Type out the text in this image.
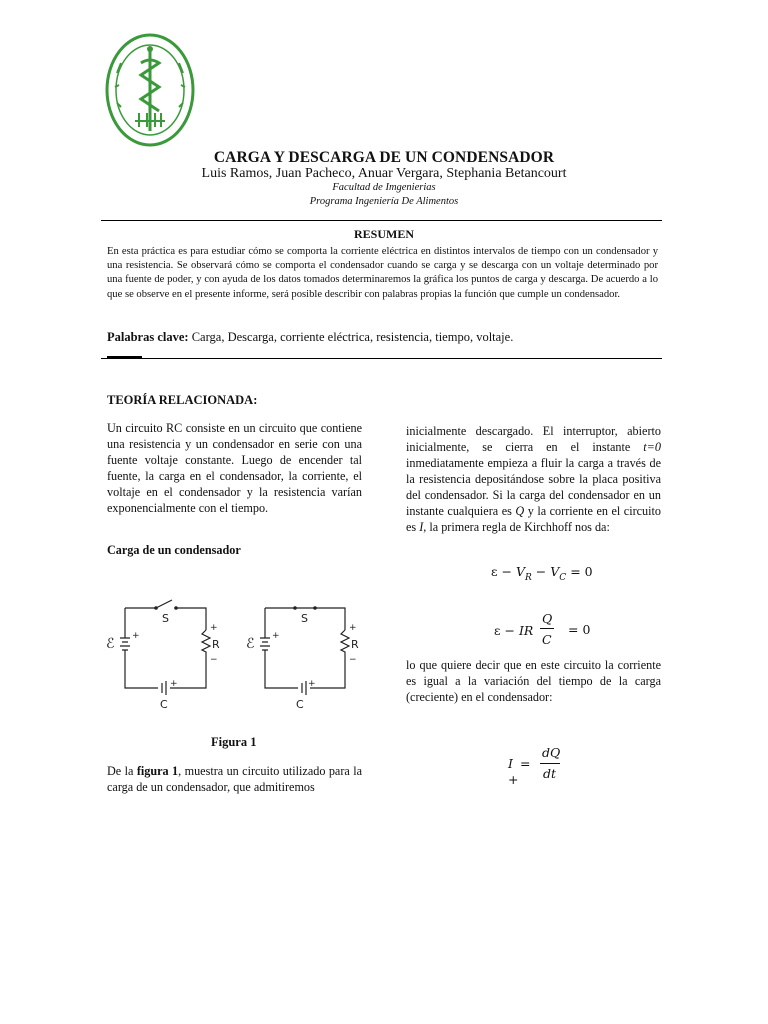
CARGA Y DESCARGA DE UN CONDENSADOR
Luis Ramos, Juan Pacheco, Anuar Vergara, Stephania Betancourt
Facultad de Imgenierias
Programa Ingeniería De Alimentos
RESUMEN
En esta práctica es para estudiar cómo se comporta la corriente eléctrica en distintos intervalos de tiempo con un condensador y una resistencia. Se observará cómo se comporta el condensador cuando se carga y se descarga con un voltaje determinado por una fuente de poder, y con ayuda de los datos tomados determinaremos la gráfica los puntos de carga y descarga. De acuerdo a lo que se observe en el presente informe, será posible describir con palabras propias la función que cumple un condensador.
Palabras clave: Carga, Descarga, corriente eléctrica, resistencia, tiempo, voltaje.
TEORÍA RELACIONADA:
Un circuito RC consiste en un circuito que contiene una resistencia y un condensador en serie con una fuente voltaje constante. Luego de encender tal fuente, la carga en el condensador, la corriente, el voltaje en el condensador y la resistencia varían exponencialmente con el tiempo.
Carga de un condensador
S	S
ℰ	ℰ
R	R
C	C
+	+
+	+
−	−
+	+
Figura 1
De la figura 1, muestra un circuito utilizado para la carga de un condensador, que admitiremos
inicialmente descargado. El interruptor, abierto inicialmente, se cierra en el instante t=0 inmediatamente empieza a fluir la carga a través de la resistencia depositándose sobre la placa positiva del condensador. Si la carga del condensador en un instante cualquiera es Q y la corriente en el circuito es I, la primera regla de Kirchhoff nos da:
$\varepsilon - V_R - V_C = 0$
ε − IR
Q
C
= 0
lo que quiere decir que en este circuito la corriente es igual a la variación del tiempo de la carga (creciente) en el condensador:
I =
dQ
dt
+
